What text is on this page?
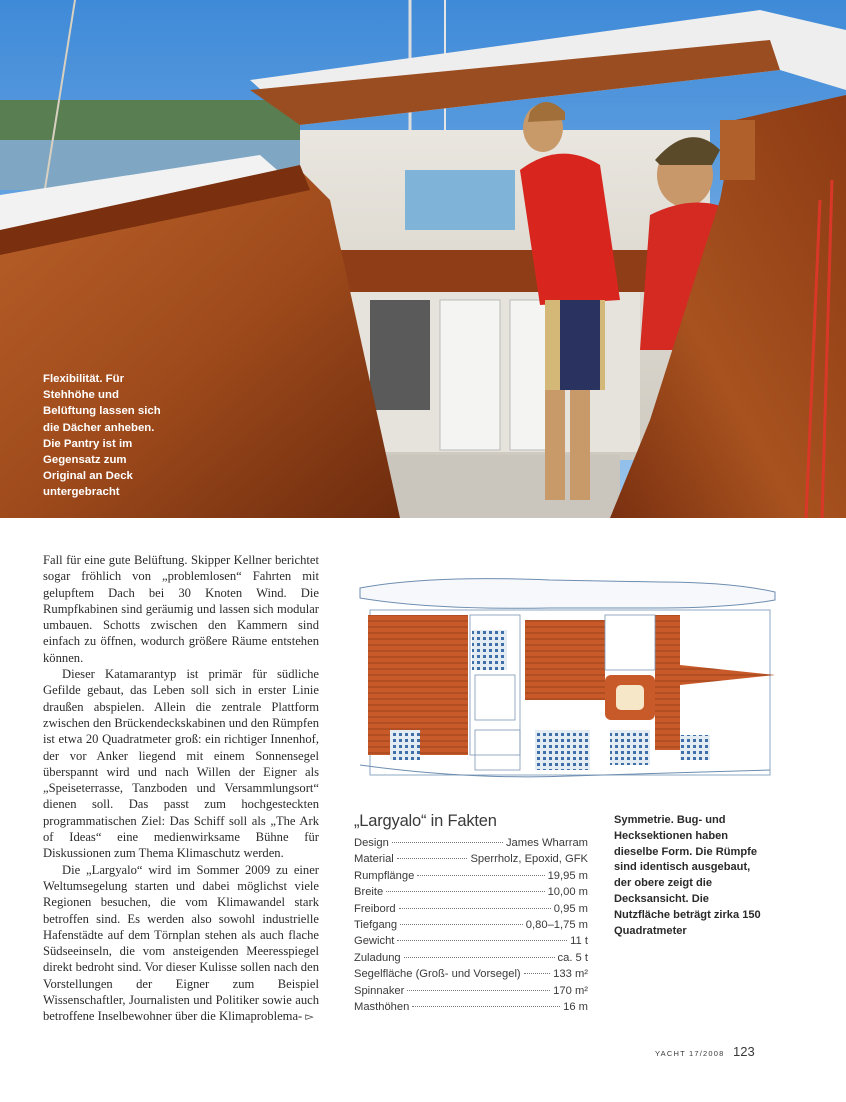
Flexibilität. Für Stehhöhe und Belüftung lassen sich die Dächer anheben. Die Pantry ist im Gegensatz zum Original an Deck untergebracht

Fall für eine gute Belüftung. Skipper Kellner berichtet sogar fröhlich von „problemlosen“ Fahrten mit gelupftem Dach bei 30 Knoten Wind. Die Rumpfkabinen sind geräumig und lassen sich modular umbauen. Schotts zwischen den Kammern sind einfach zu öffnen, wodurch größere Räume entstehen können.

Dieser Katamarantyp ist primär für südliche Gefilde gebaut, das Leben soll sich in erster Linie draußen abspielen. Allein die zentrale Plattform zwischen den Brückendeckskabinen und den Rümpfen ist etwa 20 Quadratmeter groß: ein richtiger Innenhof, der vor Anker liegend mit einem Sonnensegel überspannt wird und nach Willen der Eigner als „Speiseterrasse, Tanzboden und Versammlungsort“ dienen soll. Das passt zum hochgesteckten programmatischen Ziel: Das Schiff soll als „The Ark of Ideas“ eine medienwirksame Bühne für Diskussionen zum Thema Klimaschutz werden.

Die „Largyalo“ wird im Sommer 2009 zu einer Weltumsegelung starten und dabei möglichst viele Regionen besuchen, die vom Klimawandel stark betroffen sind. Es werden also sowohl industrielle Hafenstädte auf dem Törnplan stehen als auch flache Südseeinseln, die vom ansteigenden Meeresspiegel direkt bedroht sind. Vor dieser Kulisse sollen nach den Vorstellungen der Eigner zum Beispiel Wissenschaftler, Journalisten und Politiker sowie auch betroffene Inselbewohner über die Klimaproblema- ▻

„Largyalo“ in Fakten
Design	James Wharram
Material	Sperrholz, Epoxid, GFK
Rumpflänge	19,95 m
Breite	10,00 m
Freibord	0,95 m
Tiefgang	0,80–1,75 m
Gewicht	11 t
Zuladung	ca. 5 t
Segelfläche (Groß- und Vorsegel)	133 m²
Spinnaker	170 m²
Masthöhen	16 m
Symmetrie. Bug- und Hecksektionen haben dieselbe Form. Die Rümpfe sind identisch ausgebaut, der obere zeigt die Decksansicht. Die Nutzfläche beträgt zirka 150 Quadratmeter
YACHT 17/2008 123
